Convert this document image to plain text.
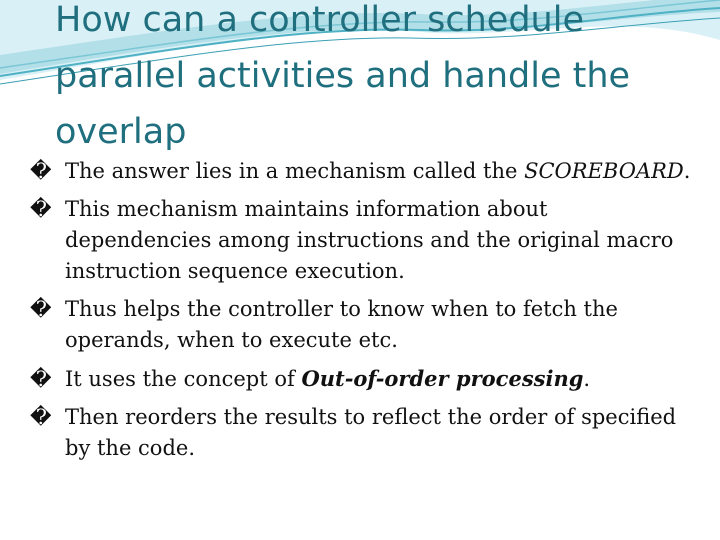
How can a controller schedule
parallel activities and handle the
overlap
� The answer lies in a mechanism called the SCOREBOARD.
� This mechanism maintains information about dependencies among instructions and the original macro instruction sequence execution.
� Thus helps the controller to know when to fetch the operands, when to execute etc.
� It uses the concept of Out-of-order processing.
� Then reorders the results to reflect the order of specified by the code.
